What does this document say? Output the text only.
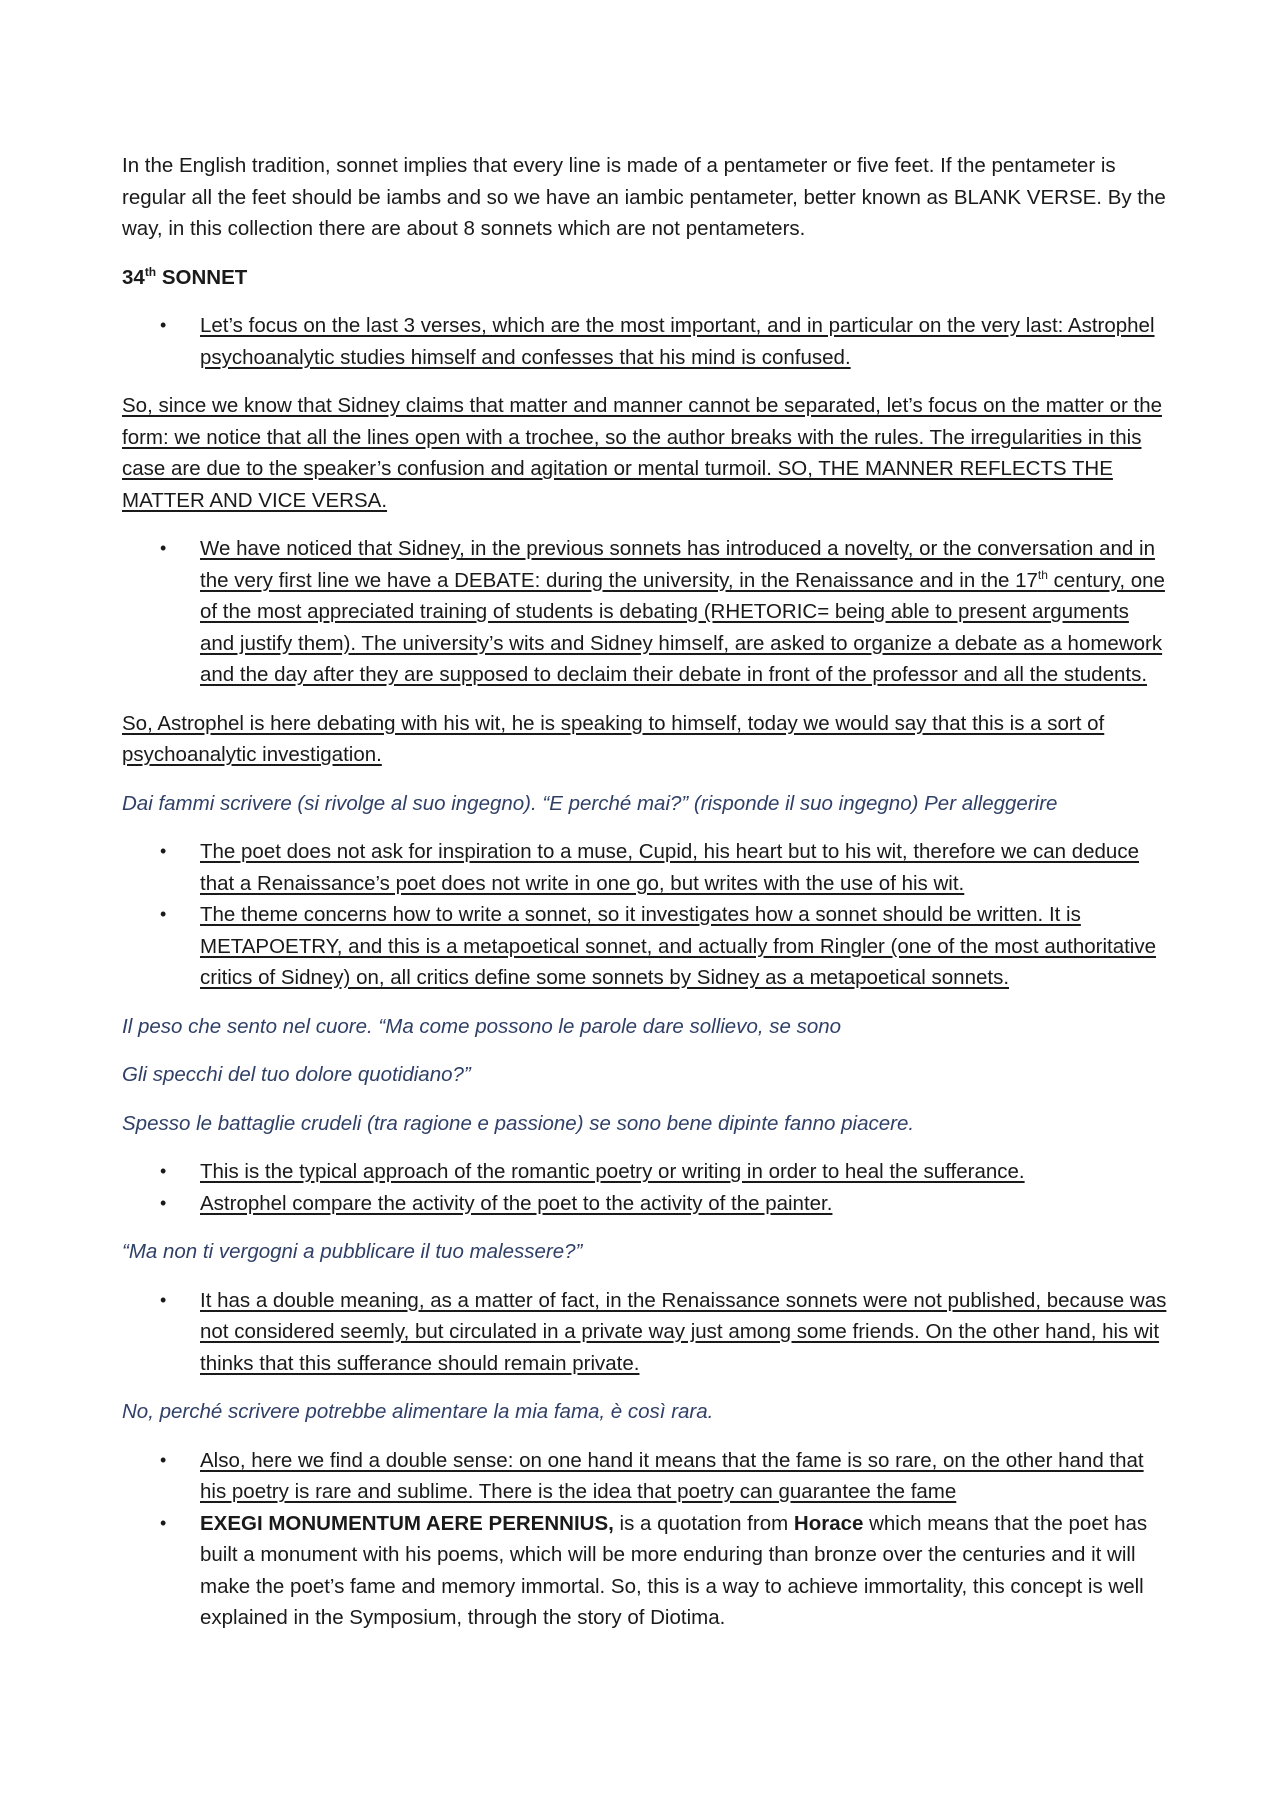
In the English tradition, sonnet implies that every line is made of a pentameter or five feet. If the pentameter is regular all the feet should be iambs and so we have an iambic pentameter, better known as BLANK VERSE. By the way, in this collection there are about 8 sonnets which are not pentameters.

34th SONNET

• Let’s focus on the last 3 verses, which are the most important, and in particular on the very last: Astrophel psychoanalytic studies himself and confesses that his mind is confused.

So, since we know that Sidney claims that matter and manner cannot be separated, let’s focus on the matter or the form: we notice that all the lines open with a trochee, so the author breaks with the rules. The irregularities in this case are due to the speaker’s confusion and agitation or mental turmoil. SO, THE MANNER REFLECTS THE MATTER AND VICE VERSA.

• We have noticed that Sidney, in the previous sonnets has introduced a novelty, or the conversation and in the very first line we have a DEBATE: during the university, in the Renaissance and in the 17th century, one of the most appreciated training of students is debating (RHETORIC= being able to present arguments and justify them). The university’s wits and Sidney himself, are asked to organize a debate as a homework and the day after they are supposed to declaim their debate in front of the professor and all the students.

So, Astrophel is here debating with his wit, he is speaking to himself, today we would say that this is a sort of psychoanalytic investigation.

Dai fammi scrivere (si rivolge al suo ingegno). “E perché mai?” (risponde il suo ingegno) Per alleggerire

• The poet does not ask for inspiration to a muse, Cupid, his heart but to his wit, therefore we can deduce that a Renaissance’s poet does not write in one go, but writes with the use of his wit.
• The theme concerns how to write a sonnet, so it investigates how a sonnet should be written. It is METAPOETRY, and this is a metapoetical sonnet, and actually from Ringler (one of the most authoritative critics of Sidney) on, all critics define some sonnets by Sidney as a metapoetical sonnets.

Il peso che sento nel cuore. “Ma come possono le parole dare sollievo, se sono

Gli specchi del tuo dolore quotidiano?”

Spesso le battaglie crudeli (tra ragione e passione) se sono bene dipinte fanno piacere.

• This is the typical approach of the romantic poetry or writing in order to heal the sufferance.
• Astrophel compare the activity of the poet to the activity of the painter.

“Ma non ti vergogni a pubblicare il tuo malessere?”

• It has a double meaning, as a matter of fact, in the Renaissance sonnets were not published, because was not considered seemly, but circulated in a private way just among some friends. On the other hand, his wit thinks that this sufferance should remain private.

No, perché scrivere potrebbe alimentare la mia fama, è così rara.

• Also, here we find a double sense: on one hand it means that the fame is so rare, on the other hand that his poetry is rare and sublime. There is the idea that poetry can guarantee the fame
• EXEGI MONUMENTUM AERE PERENNIUS, is a quotation from Horace which means that the poet has built a monument with his poems, which will be more enduring than bronze over the centuries and it will make the poet’s fame and memory immortal. So, this is a way to achieve immortality, this concept is well explained in the Symposium, through the story of Diotima.
